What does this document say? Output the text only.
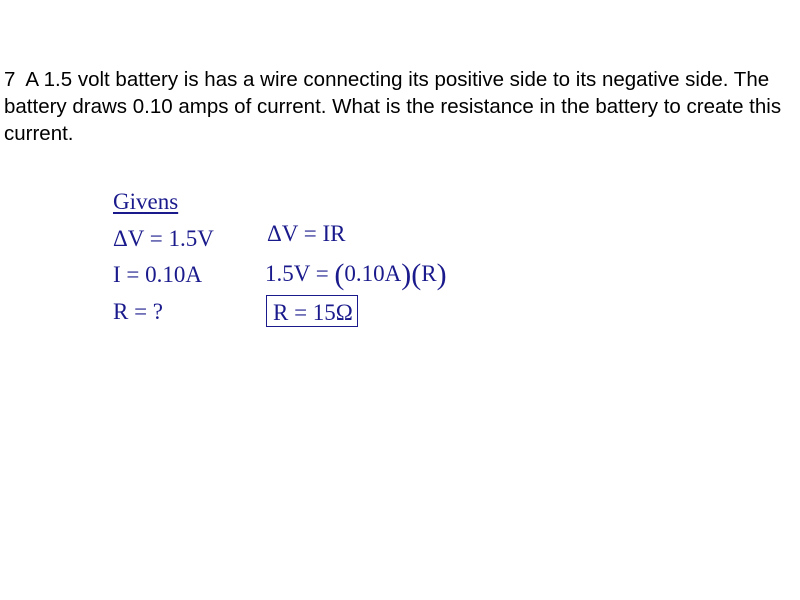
7 A 1.5 volt battery is has a wire connecting its positive side to its negative side. The battery draws 0.10 amps of current. What is the resistance in the battery to create this current.

Givens
ΔV = 1.5V
I = 0.10A
R = ?
ΔV = IR
1.5V = (0.10A)(R)
R = 15Ω
